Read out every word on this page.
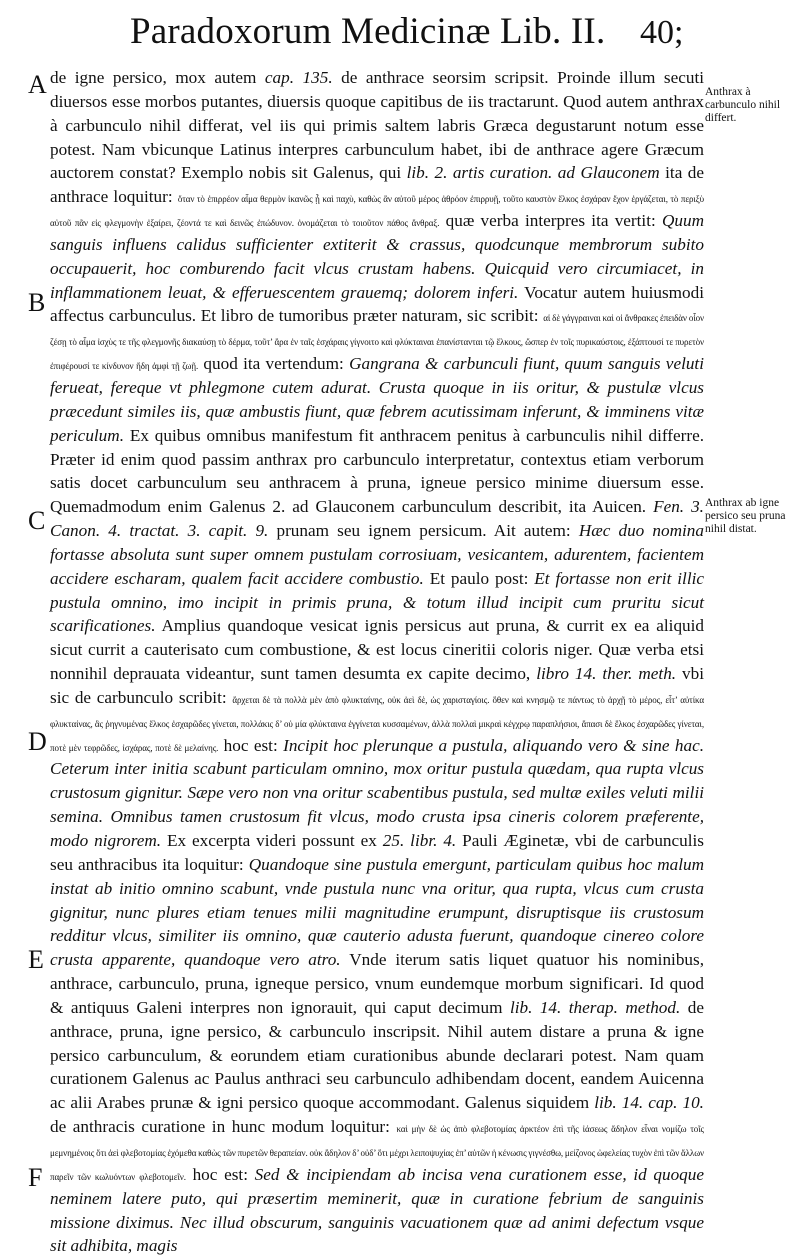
Paradoxorum Medicinæ Lib. II.	40;
A
B
C
D
E
F
Anthrax à carbunculo nihil differt.
Anthrax ab igne persico seu pruna nihil distat.
de igne persico, mox autem cap. 135. de anthrace seorsim scripsit. Proinde illum secuti diuersos esse morbos putantes, diuersis quoque capitibus de iis tractarunt. Quod autem anthrax à carbunculo nihil differat, vel iis qui primis saltem labris Græca degustarunt notum esse potest. Nam vbicunque Latinus interpres carbunculum habet, ibi de anthrace agere Græcum auctorem constat? Exemplo nobis sit Galenus, qui lib. 2. artis curation. ad Glauconem ita de anthrace loquitur: ὅταν τὸ ἐπιρρέον αἷμα θερμὸν ἱκανῶς ᾖ καὶ παχὺ, καθὼς ἂν αὐτοῦ μέρος ἀθρόον ἐπιρρυῇ, τοῦτο καυστὸν ἕλκος ἐσχάραν ἔχον ἐργάζεται, τὸ περιξὺ αὐτοῦ πᾶν εἰς φλεγμονὴν ἐξαίρει, ζέοντά τε καὶ δεινῶς ἐπώδυνον. ὀνομάζεται τὸ τοιοῦτον πάθος ἄνθραξ. quæ verba interpres ita vertit: Quum sanguis influens calidus sufficienter extiterit & crassus, quodcunque membrorum subito occupauerit, hoc comburendo facit vlcus crustam habens. Quicquid vero circumiacet, in inflammationem leuat, & efferuescentem grauemq; dolorem inferi. Vocatur autem huiusmodi affectus carbunculus. Et libro de tumoribus præter naturam, sic scribit: αἱ δὲ γάγγραιναι καὶ οἱ ἄνθρακες ἐπειδὰν οἷον ζέσῃ τὸ αἷμα ἰσχὺς τε τῆς φλεγμονῆς διακαύσῃ τὸ δέρμα, τοῦτ’ ἄρα ἐν ταῖς ἐσχάραις γίγνοιτο καὶ φλύκταιναι ἐπανίστανται τῷ ἕλκους, ὥσπερ ἐν τοῖς πυρικαύστοις, ἐξάπτουσί τε πυρετὸν ἐπιφέρουσί τε κίνδυνον ἤδη ἀμφὶ τῇ ζωῇ. quod ita vertendum: Gangrana & carbunculi fiunt, quum sanguis veluti ferueat, fereque vt phlegmone cutem adurat. Crusta quoque in iis oritur, & pustulæ vlcus præcedunt similes iis, quæ ambustis fiunt, quæ febrem acutissimam inferunt, & imminens vitæ periculum. Ex quibus omnibus manifestum fit anthracem penitus à carbunculis nihil differre. Præter id enim quod passim anthrax pro carbunculo interpretatur, contextus etiam verborum satis docet carbunculum seu anthracem à pruna, igneue persico minime diuersum esse. Quemadmodum enim Galenus 2. ad Glauconem carbunculum describit, ita Auicen. Fen. 3. Canon. 4. tractat. 3. capit. 9. prunam seu ignem persicum. Ait autem: Hæc duo nomina fortasse absoluta sunt super omnem pustulam corrosiuam, vesicantem, adurentem, facientem accidere escharam, qualem facit accidere combustio. Et paulo post: Et fortasse non erit illic pustula omnino, imo incipit in primis pruna, & totum illud incipit cum pruritu sicut scarificationes. Amplius quandoque vesicat ignis persicus aut pruna, & currit ex ea aliquid sicut currit a cauterisato cum combustione, & est locus cineritii coloris niger. Quæ verba etsi nonnihil deprauata videantur, sunt tamen desumta ex capite decimo, libro 14. ther. meth. vbi sic de carbunculo scribit: ἄρχεται δὲ τὰ πολλὰ μὲν ἀπὸ φλυκταίνης, οὐκ ἀεὶ δὲ, ὡς χαρισταγίοις. ὅθεν καὶ κνησμῷ τε πάντως τὸ ἀρχῇ τὸ μέρος, εἶτ’ αὐτίκα φλυκταίνας, ἃς ῥηγνυμένας ἕλκος ἐσχαρῶδες γίνεται, πολλάκις δ’ οὐ μία φλύκταινα ἐγγίνεται κυσσαμένων, ἀλλὰ πολλαὶ μικραὶ κέγχρῳ παραπλήσιοι, ἅπασι δὲ ἕλκος ἐσχαρῶδες γίνεται, ποτὲ μὲν τεφρῶδες, ἰσχάρας, ποτὲ δὲ μελαίνης. hoc est: Incipit hoc plerunque a pustula, aliquando vero & sine hac. Ceterum inter initia scabunt particulam omnino, mox oritur pustula quædam, qua rupta vlcus crustosum gignitur. Sæpe vero non vna oritur scabentibus pustula, sed multæ exiles veluti milii semina. Omnibus tamen crustosum fit vlcus, modo crusta ipsa cineris colorem præferente, modo nigrorem. Ex excerpta videri possunt ex 25. libr. 4. Pauli Æginetæ, vbi de carbunculis seu anthracibus ita loquitur: Quandoque sine pustula emergunt, particulam quibus hoc malum instat ab initio omnino scabunt, vnde pustula nunc vna oritur, qua rupta, vlcus cum crusta gignitur, nunc plures etiam tenues milii magnitudine erumpunt, disruptisque iis crustosum redditur vlcus, similiter iis omnino, quæ cauterio adusta fuerunt, quandoque cinereo colore crusta apparente, quandoque vero atro. Vnde iterum satis liquet quatuor his nominibus, anthrace, carbunculo, pruna, igneque persico, vnum eundemque morbum significari. Id quod & antiquus Galeni interpres non ignorauit, qui caput decimum lib. 14. therap. method. de anthrace, pruna, igne persico, & carbunculo inscripsit. Nihil autem distare a pruna & igne persico carbunculum, & eorundem etiam curationibus abunde declarari potest. Nam quam curationem Galenus ac Paulus anthraci seu carbunculo adhibendam docent, eandem Auicenna ac alii Arabes prunæ & igni persico quoque accommodant. Galenus siquidem lib. 14. cap. 10. de anthracis curatione in hunc modum loquitur: καὶ μὴν δὲ ὡς ἀπὸ φλεβοτομίας ἀρκτέον ἐπὶ τῆς ἰάσεως ἄδηλον εἶναι νομίζω τοῖς μεμνημένοις ὅτι ἀεὶ φλεβοτομίας ἐχόμεθα καθὼς τῶν πυρετῶν θεραπείαν. οὐκ ἄδηλον δ’ οὐδ’ ὅτι μέχρι λειποψυχίας ἐπ’ αὐτῶν ἡ κένωσις γιγνέσθω, μείζονος ὠφελείας τυχὸν ἐπὶ τῶν ἄλλων παρεῖν τῶν κωλυόντων φλεβοτομεῖν. hoc est: Sed & incipiendam ab incisa vena curationem esse, id quoque neminem latere puto, qui præsertim meminerit, quæ in curatione febrium de sanguinis missione diximus. Nec illud obscurum, sanguinis vacuationem quæ ad animi defectum vsque sit adhibita, magis
